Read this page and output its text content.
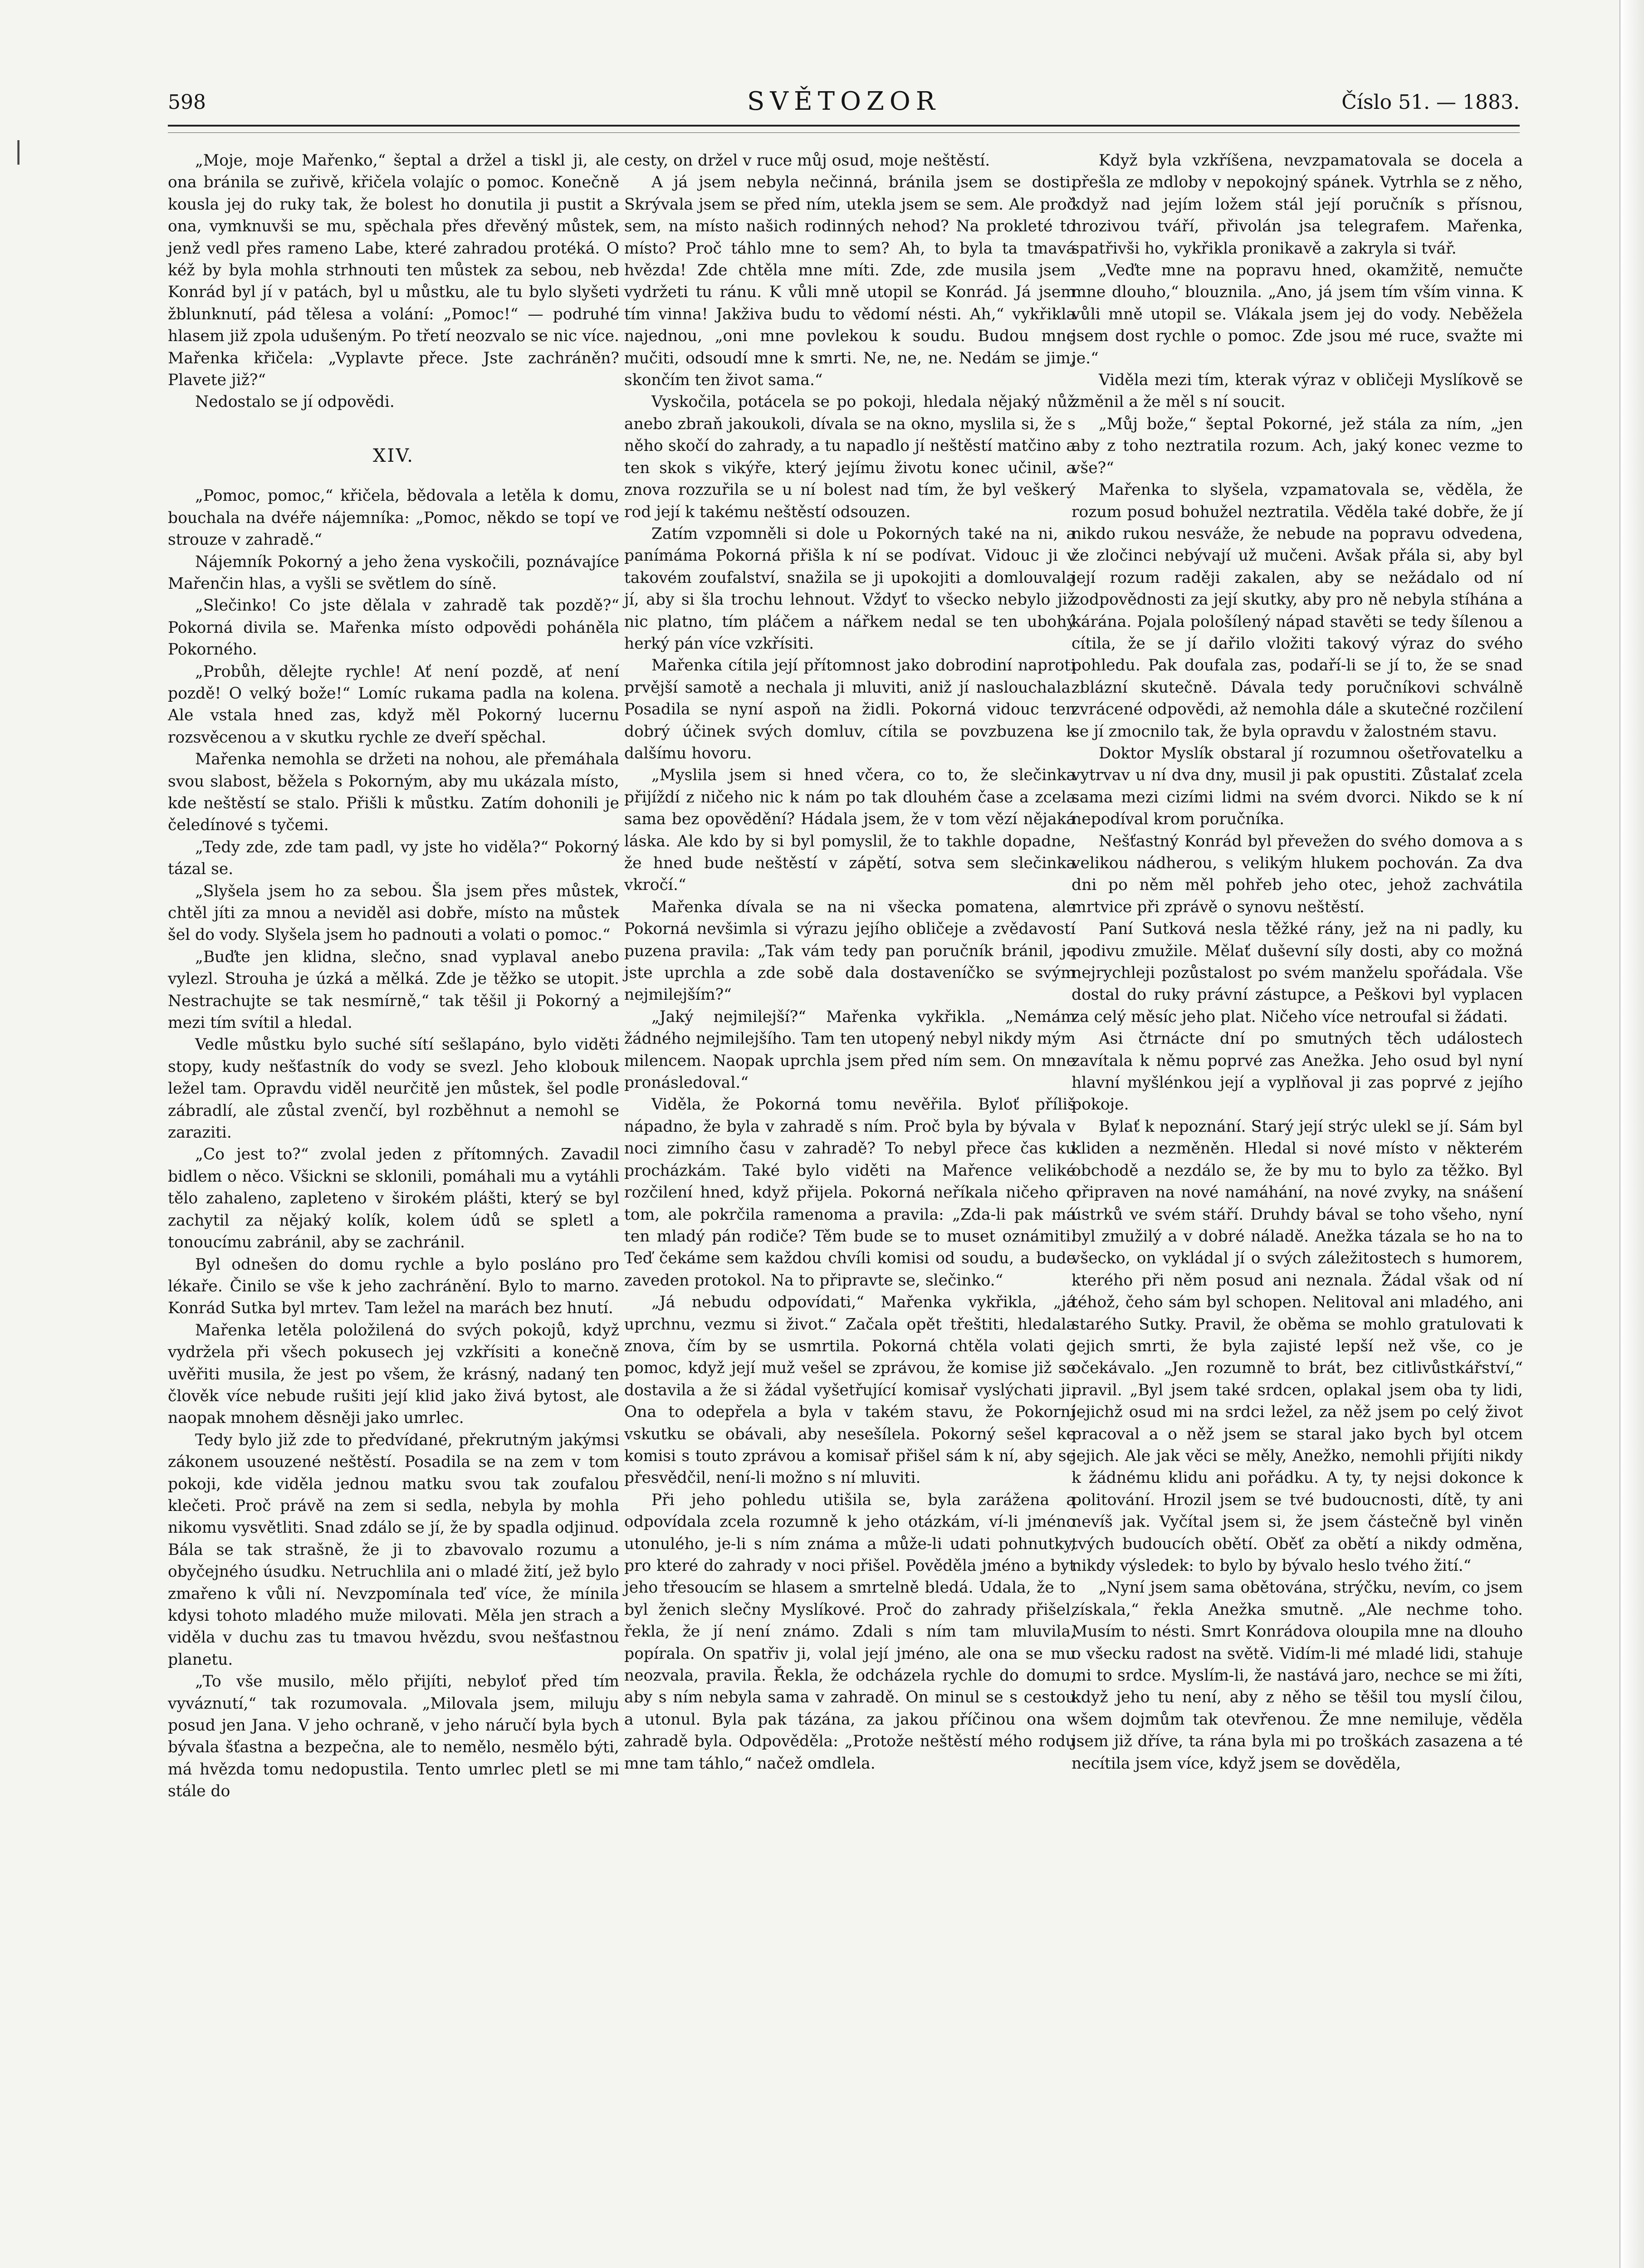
❘
598	SVĚTOZOR	Číslo 51. — 1883.

„Moje, moje Mařenko,“ šeptal a držel a tiskl ji, ale ona bránila se zuřivě, křičela volajíc o pomoc. Konečně kousla jej do ruky tak, že bolest ho donutila ji pustit a ona, vymknuvši se mu, spěchala přes dřevěný můstek, jenž vedl přes rameno Labe, které zahradou protéká. O kéž by byla mohla strhnouti ten můstek za sebou, neb Konrád byl jí v patách, byl u můstku, ale tu bylo slyšeti žblunknutí, pád tělesa a volání: „Pomoc!“ — podruhé hlasem již zpola udušeným. Po třetí neozvalo se nic více. Mařenka křičela: „Vyplavte přece. Jste zachráněn? Plavete již?“

Nedostalo se jí odpovědi.

XIV.

„Pomoc, pomoc,“ křičela, bědovala a letěla k domu, bouchala na dvéře nájemníka: „Pomoc, někdo se topí ve strouze v zahradě.“

Nájemník Pokorný a jeho žena vyskočili, poznávajíce Mařenčin hlas, a vyšli se světlem do síně.

„Slečinko! Co jste dělala v zahradě tak pozdě?“ Pokorná divila se. Mařenka místo odpovědi poháněla Pokorného.

„Probůh, dělejte rychle! Ať není pozdě, ať není pozdě! O velký bože!“ Lomíc rukama padla na kolena. Ale vstala hned zas, když měl Pokorný lucernu rozsvěcenou a v skutku rychle ze dveří spěchal.

Mařenka nemohla se držeti na nohou, ale přemáhala svou slabost, běžela s Pokorným, aby mu ukázala místo, kde neštěstí se stalo. Přišli k můstku. Zatím dohonili je čeledínové s tyčemi.

„Tedy zde, zde tam padl, vy jste ho viděla?“ Pokorný tázal se.

„Slyšela jsem ho za sebou. Šla jsem přes můstek, chtěl jíti za mnou a neviděl asi dobře, místo na můstek šel do vody. Slyšela jsem ho padnouti a volati o pomoc.“

„Buďte jen klidna, slečno, snad vyplaval anebo vylezl. Strouha je úzká a mělká. Zde je těžko se utopit. Nestrachujte se tak nesmírně,“ tak těšil ji Pokorný a mezi tím svítil a hledal.

Vedle můstku bylo suché sítí sešlapáno, bylo viděti stopy, kudy nešťastník do vody se svezl. Jeho klobouk ležel tam. Opravdu viděl neurčitě jen můstek, šel podle zábradlí, ale zůstal zvenčí, byl rozběhnut a nemohl se zaraziti.

„Co jest to?“ zvolal jeden z přítomných. Zavadil bidlem o něco. Všickni se sklonili, pomáhali mu a vytáhli tělo zahaleno, zapleteno v širokém plášti, který se byl zachytil za nějaký kolík, kolem údů se spletl a tonoucímu zabránil, aby se zachránil.

Byl odnešen do domu rychle a bylo posláno pro lékaře. Činilo se vše k jeho zachránění. Bylo to marno. Konrád Sutka byl mrtev. Tam ležel na marách bez hnutí.

Mařenka letěla položilená do svých pokojů, když vydržela při všech pokusech jej vzkřísiti a konečně uvěřiti musila, že jest po všem, že krásný, nadaný ten člověk více nebude rušiti její klid jako živá bytost, ale naopak mnohem děsněji jako umrlec.

Tedy bylo již zde to předvídané, překrutným jakýmsi zákonem usouzené neštěstí. Posadila se na zem v tom pokoji, kde viděla jednou matku svou tak zoufalou klečeti. Proč právě na zem si sedla, nebyla by mohla nikomu vysvětliti. Snad zdálo se jí, že by spadla odjinud. Bála se tak strašně, že ji to zbavovalo rozumu a obyčejného úsudku. Netruchlila ani o mladé žití, jež bylo zmařeno k vůli ní. Nevzpomínala teď více, že mínila kdysi tohoto mladého muže milovati. Měla jen strach a viděla v duchu zas tu tmavou hvězdu, svou nešťastnou planetu.

„To vše musilo, mělo přijíti, nebyloť před tím vyváznutí,“ tak rozumovala. „Milovala jsem, miluju posud jen Jana. V jeho ochraně, v jeho náručí byla bych bývala šťastna a bezpečna, ale to nemělo, nesmělo býti, má hvězda tomu nedopustila. Tento umrlec pletl se mi stále do

cesty, on držel v ruce můj osud, moje neštěstí.

A já jsem nebyla nečinná, bránila jsem se dosti. Skrývala jsem se před ním, utekla jsem se sem. Ale proč sem, na místo našich rodinných nehod? Na prokleté to místo? Proč táhlo mne to sem? Ah, to byla ta tmavá hvězda! Zde chtěla mne míti. Zde, zde musila jsem vydržeti tu ránu. K vůli mně utopil se Konrád. Já jsem tím vinna! Jakživa budu to vědomí nésti. Ah,“ vykřikla najednou, „oni mne povlekou k soudu. Budou mne mučiti, odsoudí mne k smrti. Ne, ne, ne. Nedám se jim, skončím ten život sama.“

Vyskočila, potácela se po pokoji, hledala nějaký nůž anebo zbraň jakoukoli, dívala se na okno, myslila si, že s něho skočí do zahrady, a tu napadlo jí neštěstí matčino a ten skok s vikýře, který jejímu životu konec učinil, a znova rozzuřila se u ní bolest nad tím, že byl veškerý rod její k takému neštěstí odsouzen.

Zatím vzpomněli si dole u Pokorných také na ni, a panímáma Pokorná přišla k ní se podívat. Vidouc ji v takovém zoufalství, snažila se ji upokojiti a domlouvala jí, aby si šla trochu lehnout. Vždyť to všecko nebylo již nic platno, tím pláčem a nářkem nedal se ten ubohý herký pán více vzkřísiti.

Mařenka cítila její přítomnost jako dobrodiní naproti prvější samotě a nechala ji mluviti, aniž jí naslouchala. Posadila se nyní aspoň na židli. Pokorná vidouc ten dobrý účinek svých domluv, cítila se povzbuzena k dalšímu hovoru.

„Myslila jsem si hned včera, co to, že slečinka přijíždí z ničeho nic k nám po tak dlouhém čase a zcela sama bez opovědění? Hádala jsem, že v tom vězí nějaká láska. Ale kdo by si byl pomyslil, že to takhle dopadne, že hned bude neštěstí v zápětí, sotva sem slečinka vkročí.“

Mařenka dívala se na ni všecka pomatena, ale Pokorná nevšimla si výrazu jejího obličeje a zvědavostí puzena pravila: „Tak vám tedy pan poručník bránil, je jste uprchla a zde sobě dala dostaveníčko se svým nejmilejším?“

„Jaký nejmilejší?“ Mařenka vykřikla. „Nemám žádného nejmilejšího. Tam ten utopený nebyl nikdy mým milencem. Naopak uprchla jsem před ním sem. On mne pronásledoval.“

Viděla, že Pokorná tomu nevěřila. Byloť příliš nápadno, že byla v zahradě s ním. Proč byla by bývala v noci zimního času v zahradě? To nebyl přece čas ku procházkám. Také bylo viděti na Mařence veliké rozčilení hned, když přijela. Pokorná neříkala ničeho o tom, ale pokrčila ramenoma a pravila: „Zda-li pak má ten mladý pán rodiče? Těm bude se to muset oznámiti. Teď čekáme sem každou chvíli komisi od soudu, a bude zaveden protokol. Na to připravte se, slečinko.“

„Já nebudu odpovídati,“ Mařenka vykřikla, „já uprchnu, vezmu si život.“ Začala opět třeštiti, hledala znova, čím by se usmrtila. Pokorná chtěla volati o pomoc, když její muž vešel se zprávou, že komise již se dostavila a že si žádal vyšetřující komisař vyslýchati ji. Ona to odepřela a byla v takém stavu, že Pokorní vskutku se obávali, aby nesešílela. Pokorný sešel ke komisi s touto zprávou a komisař přišel sám k ní, aby se přesvědčil, není-li možno s ní mluviti.

Při jeho pohledu utišila se, byla zarážena a odpovídala zcela rozumně k jeho otázkám, ví-li jméno utonulého, je-li s ním známa a může-li udati pohnutky, pro které do zahrady v noci přišel. Pověděla jméno a byt jeho třesoucím se hlasem a smrtelně bledá. Udala, že to byl ženich slečny Myslíkové. Proč do zahrady přišel, řekla, že jí není známo. Zdali s ním tam mluvila, popírala. On spatřiv ji, volal její jméno, ale ona se mu neozvala, pravila. Řekla, že odcházela rychle do domu, aby s ním nebyla sama v zahradě. On minul se s cestou a utonul. Byla pak tázána, za jakou příčinou ona v zahradě byla. Odpověděla: „Protože neštěstí mého rodu mne tam táhlo,“ načež omdlela.

Když byla vzkříšena, nevzpamatovala se docela a přešla ze mdloby v nepokojný spánek. Vytrhla se z něho, když nad jejím ložem stál její poručník s přísnou, hrozivou tváří, přivolán jsa telegrafem. Mařenka, spatřivši ho, vykřikla pronikavě a zakryla si tvář.

„Veďte mne na popravu hned, okamžitě, nemučte mne dlouho,“ blouznila. „Ano, já jsem tím vším vinna. K vůli mně utopil se. Vlákala jsem jej do vody. Neběžela jsem dost rychle o pomoc. Zde jsou mé ruce, svažte mi je.“

Viděla mezi tím, kterak výraz v obličeji Myslíkově se změnil a že měl s ní soucit.

„Můj bože,“ šeptal Pokorné, jež stála za ním, „jen aby z toho neztratila rozum. Ach, jaký konec vezme to vše?“

Mařenka to slyšela, vzpamatovala se, věděla, že rozum posud bohužel neztratila. Věděla také dobře, že jí nikdo rukou nesváže, že nebude na popravu odvedena, že zločinci nebývají už mučeni. Avšak přála si, aby byl její rozum raději zakalen, aby se nežádalo od ní zodpovědnosti za její skutky, aby pro ně nebyla stíhána a kárána. Pojala pološílený nápad stavěti se tedy šílenou a cítila, že se jí dařilo vložiti takový výraz do svého pohledu. Pak doufala zas, podaří-li se jí to, že se snad zblázní skutečně. Dávala tedy poručníkovi schválně zvrácené odpovědi, až nemohla dále a skutečné rozčilení se jí zmocnilo tak, že byla opravdu v žalostném stavu.

Doktor Myslík obstaral jí rozumnou ošetřovatelku a vytrvav u ní dva dny, musil ji pak opustiti. Zůstalať zcela sama mezi cizími lidmi na svém dvorci. Nikdo se k ní nepodíval krom poručníka.

Nešťastný Konrád byl převežen do svého domova a s velikou nádherou, s velikým hlukem pochován. Za dva dni po něm měl pohřeb jeho otec, jehož zachvátila mrtvice při zprávě o synovu neštěstí.

Paní Sutková nesla těžké rány, jež na ni padly, ku podivu zmužile. Mělať duševní síly dosti, aby co možná nejrychleji pozůstalost po svém manželu spořádala. Vše dostal do ruky právní zástupce, a Peškovi byl vyplacen za celý měsíc jeho plat. Ničeho více netroufal si žádati.

Asi čtrnácte dní po smutných těch událostech zavítala k němu poprvé zas Anežka. Jeho osud byl nyní hlavní myšlénkou její a vyplňoval ji zas poprvé z jejího pokoje.

Bylať k nepoznání. Starý její strýc ulekl se jí. Sám byl kliden a nezměněn. Hledal si nové místo v některém obchodě a nezdálo se, že by mu to bylo za těžko. Byl připraven na nové namáhání, na nové zvyky, na snášení ústrků ve svém stáří. Druhdy bával se toho všeho, nyní byl zmužilý a v dobré náladě. Anežka tázala se ho na to všecko, on vykládal jí o svých záležitostech s humorem, kterého při něm posud ani neznala. Žádal však od ní téhož, čeho sám byl schopen. Nelitoval ani mladého, ani starého Sutky. Pravil, že oběma se mohlo gratulovati k jejich smrti, že byla zajisté lepší než vše, co je očekávalo. „Jen rozumně to brát, bez citlivůstkářství,“ pravil. „Byl jsem také srdcen, oplakal jsem oba ty lidi, jejichž osud mi na srdci ležel, za něž jsem po celý život pracoval a o něž jsem se staral jako bych byl otcem jejich. Ale jak věci se měly, Anežko, nemohli přijíti nikdy k žádnému klidu ani pořádku. A ty, ty nejsi dokonce k politování. Hrozil jsem se tvé budoucnosti, dítě, ty ani nevíš jak. Vyčítal jsem si, že jsem částečně byl viněn tvých budoucích obětí. Oběť za obětí a nikdy odměna, nikdy výsledek: to bylo by bývalo heslo tvého žití.“

„Nyní jsem sama obětována, strýčku, nevím, co jsem získala,“ řekla Anežka smutně. „Ale nechme toho. Musím to nésti. Smrt Konrádova oloupila mne na dlouho o všecku radost na světě. Vidím-li mé mladé lidi, stahuje mi to srdce. Myslím-li, že nastává jaro, nechce se mi žíti, když jeho tu není, aby z něho se těšil tou myslí čilou, všem dojmům tak otevřenou. Že mne nemiluje, věděla jsem již dříve, ta rána byla mi po troškách zasazena a té necítila jsem více, když jsem se dověděla,
